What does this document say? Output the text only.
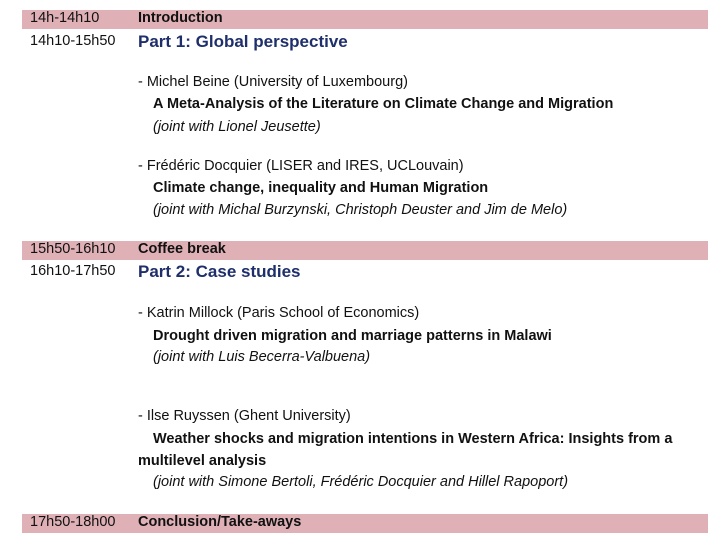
14h-14h10	Introduction
14h10-15h50 Part 1: Global perspective
- Michel Beine (University of Luxembourg)
A Meta-Analysis of the Literature on Climate Change and Migration
(joint with Lionel Jeusette)
- Frédéric Docquier (LISER and IRES, UCLouvain)
Climate change, inequality and Human Migration
(joint with Michal Burzynski, Christoph Deuster and Jim de Melo)
15h50-16h10 Coffee break
16h10-17h50 Part 2: Case studies
- Katrin Millock (Paris School of Economics)
Drought driven migration and marriage patterns in Malawi
(joint with Luis Becerra-Valbuena)
- Ilse Ruyssen (Ghent University)
Weather shocks and migration intentions in Western Africa: Insights from a
multilevel analysis
(joint with Simone Bertoli, Frédéric Docquier and Hillel Rapoport)
17h50-18h00 Conclusion/Take-aways
